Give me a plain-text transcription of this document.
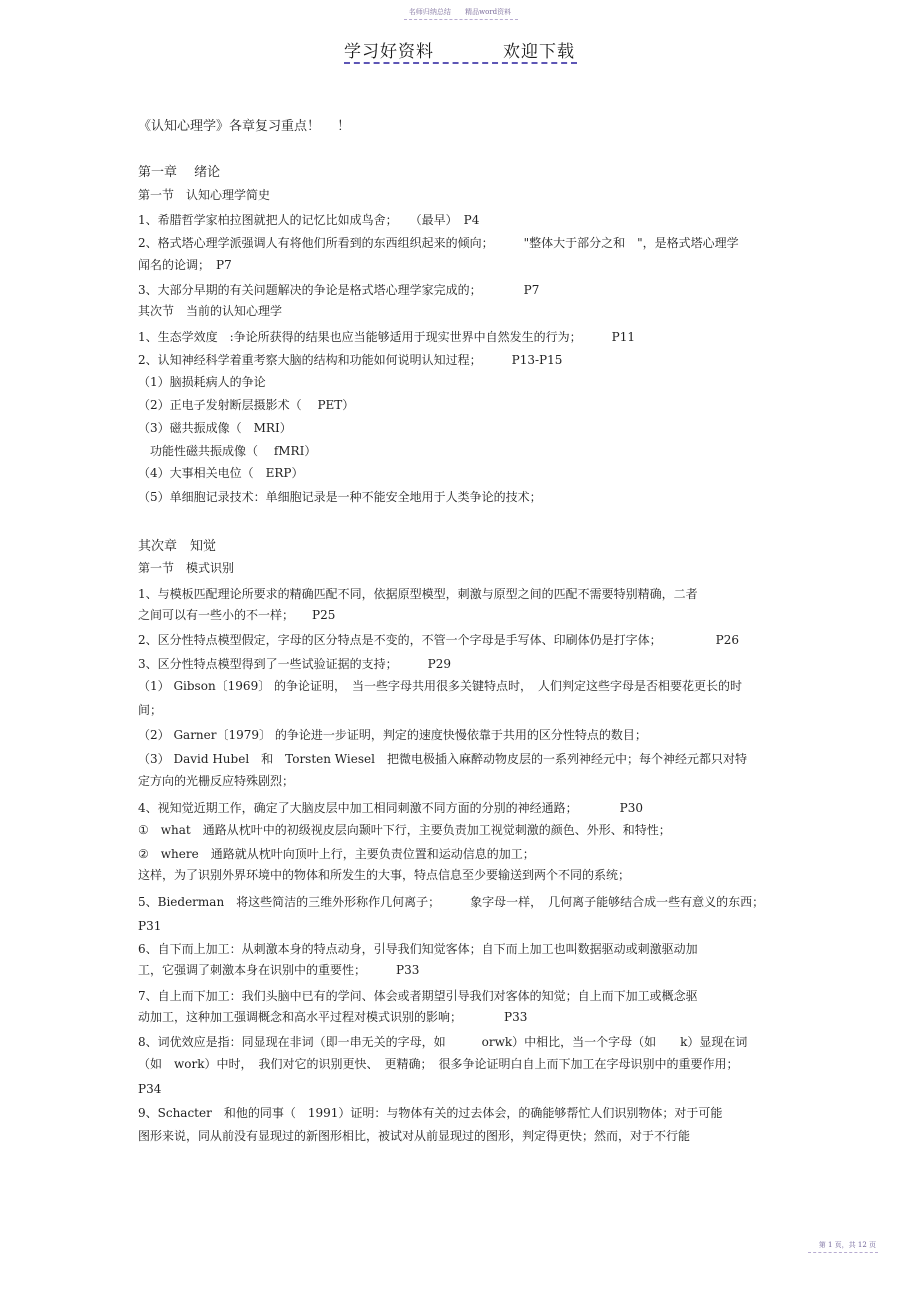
名师归纳总结 精品word资料
学习好资料	欢迎下载
《认知心理学》各章复习重点！　 ！
第一章　 绪论
第一节　认知心理学简史
1、希腊哲学家柏拉图就把人的记忆比如成鸟舍；　　（最早）　P4
2、格式塔心理学派强调人有将他们所看到的东西组织起来的倾向；　　　"整体大于部分之和　"，是格式塔心理学
闻名的论调；　P7
3、大部分早期的有关问题解决的争论是格式塔心理学家完成的；　　　　P7
其次节　当前的认知心理学
1、生态学效度　:争论所获得的结果也应当能够适用于现实世界中自然发生的行为；　　　P11
2、认知神经科学着重考察大脑的结构和功能如何说明认知过程；　　　P13-P15
（1）脑损耗病人的争论
（2）正电子发射断层摄影术（　 PET）
（3）磁共振成像（　MRI）
　功能性磁共振成像（　 fMRI）
（4）大事相关电位（　ERP）
（5）单细胞记录技术：单细胞记录是一种不能安全地用于人类争论的技术；
其次章　知觉
第一节　模式识别
1、与模板匹配理论所要求的精确匹配不同，依据原型模型，刺激与原型之间的匹配不需要特别精确，二者
之间可以有一些小的不一样；　　P25
2、区分性特点模型假定，字母的区分特点是不变的，不管一个字母是手写体、印刷体仍是打字体；　　　　　P26
3、区分性特点模型得到了一些试验证据的支持；　　　P29
（1） Gibson〔1969〕 的争论证明，　当一些字母共用很多关键特点时，　人们判定这些字母是否相要花更长的时
间；
（2） Garner〔1979〕 的争论进一步证明，判定的速度快慢依靠于共用的区分性特点的数目；
（3） David Hubel　和　Torsten Wiesel　把微电极插入麻醉动物皮层的一系列神经元中；每个神经元都只对特
定方向的光栅反应特殊剧烈；
4、视知觉近期工作，确定了大脑皮层中加工相同刺激不同方面的分别的神经通路；　　　　P30
①　what　通路从枕叶中的初级视皮层向颞叶下行，主要负责加工视觉刺激的颜色、外形、和特性；
②　where　通路就从枕叶向顶叶上行，主要负责位置和运动信息的加工；
这样，为了识别外界环境中的物体和所发生的大事，特点信息至少要输送到两个不同的系统；
5、Biederman　将这些简洁的三维外形称作几何离子；　　　象字母一样，　几何离子能够结合成一些有意义的东西；
P31
6、自下而上加工：从刺激本身的特点动身，引导我们知觉客体；自下而上加工也叫数据驱动或刺激驱动加
工，它强调了刺激本身在识别中的重要性；　　　P33
7、自上而下加工：我们头脑中已有的学问、体会或者期望引导我们对客体的知觉；自上而下加工或概念驱
动加工，这种加工强调概念和高水平过程对模式识别的影响；　　　　P33
8、词优效应是指：同显现在非词（即一串无关的字母，如　　　orwk）中相比，当一个字母（如　　k）显现在词
（如　work）中时，　我们对它的识别更快、　更精确；　很多争论证明白自上而下加工在字母识别中的重要作用；
P34
9、Schacter　和他的同事（　1991）证明：与物体有关的过去体会，的确能够帮忙人们识别物体；对于可能
图形来说，同从前没有显现过的新图形相比，被试对从前显现过的图形，判定得更快；然而，对于不行能
第 1 页，共 12 页
